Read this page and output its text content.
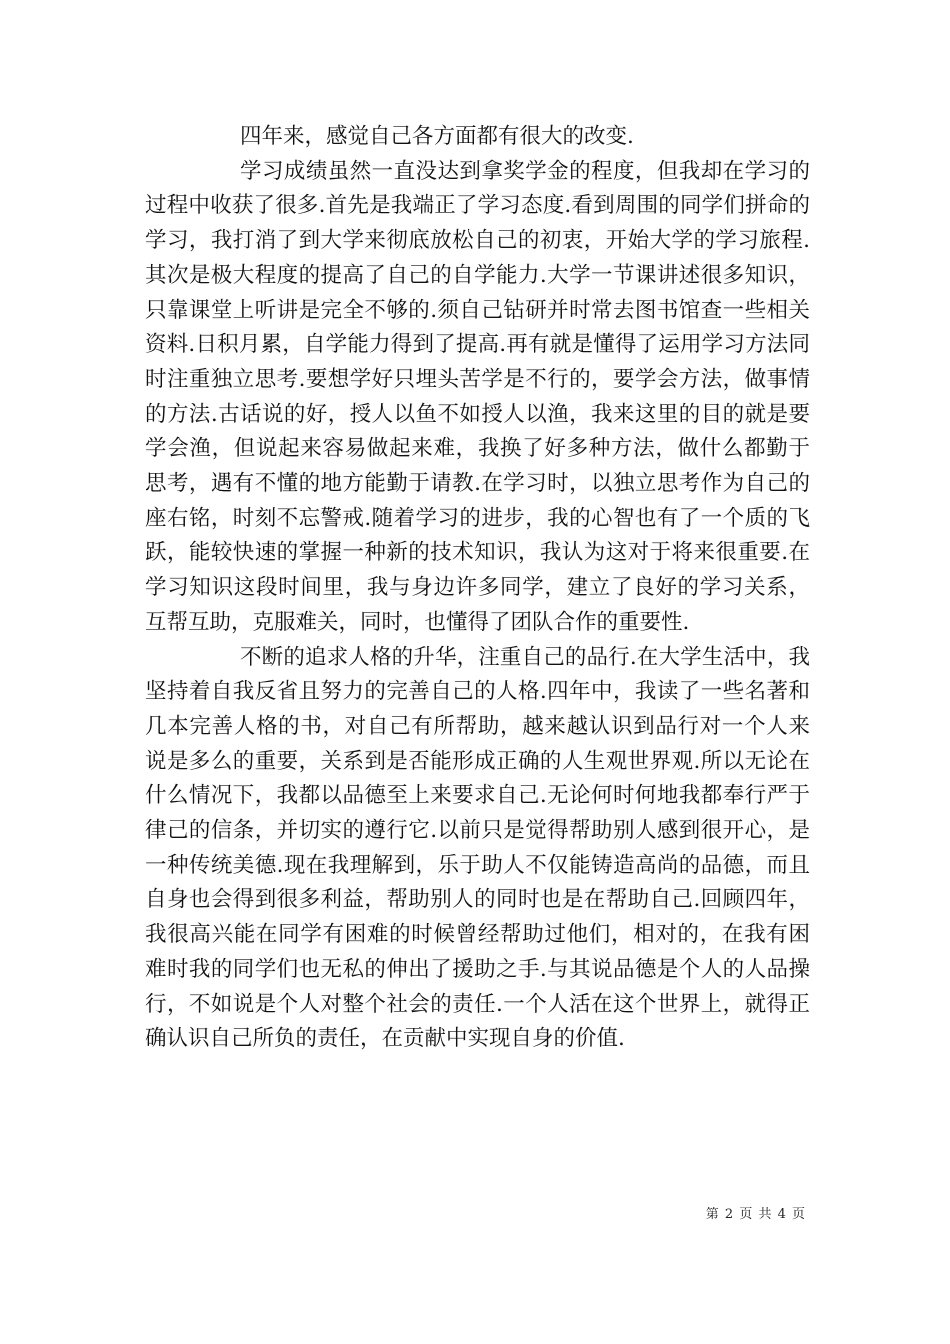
四年来，感觉自己各方面都有很大的改变.

学习成绩虽然一直没达到拿奖学金的程度，但我却在学习的过程中收获了很多.首先是我端正了学习态度.看到周围的同学们拼命的学习，我打消了到大学来彻底放松自己的初衷，开始大学的学习旅程.其次是极大程度的提高了自己的自学能力.大学一节课讲述很多知识，只靠课堂上听讲是完全不够的.须自己钻研并时常去图书馆查一些相关资料.日积月累，自学能力得到了提高.再有就是懂得了运用学习方法同时注重独立思考.要想学好只埋头苦学是不行的，要学会方法，做事情的方法.古话说的好，授人以鱼不如授人以渔，我来这里的目的就是要学会渔，但说起来容易做起来难，我换了好多种方法，做什么都勤于思考，遇有不懂的地方能勤于请教.在学习时，以独立思考作为自己的座右铭，时刻不忘警戒.随着学习的进步，我的心智也有了一个质的飞跃，能较快速的掌握一种新的技术知识，我认为这对于将来很重要.在学习知识这段时间里，我与身边许多同学，建立了良好的学习关系，互帮互助，克服难关，同时，也懂得了团队合作的重要性.

不断的追求人格的升华，注重自己的品行.在大学生活中，我坚持着自我反省且努力的完善自己的人格.四年中，我读了一些名著和几本完善人格的书，对自己有所帮助，越来越认识到品行对一个人来说是多么的重要，关系到是否能形成正确的人生观世界观.所以无论在什么情况下，我都以品德至上来要求自己.无论何时何地我都奉行严于律己的信条，并切实的遵行它.以前只是觉得帮助别人感到很开心，是一种传统美德.现在我理解到，乐于助人不仅能铸造高尚的品德，而且自身也会得到很多利益，帮助别人的同时也是在帮助自己.回顾四年，我很高兴能在同学有困难的时候曾经帮助过他们，相对的，在我有困难时我的同学们也无私的伸出了援助之手.与其说品德是个人的人品操行，不如说是个人对整个社会的责任.一个人活在这个世界上，就得正确认识自己所负的责任，在贡献中实现自身的价值.

第 2 页 共 4 页
